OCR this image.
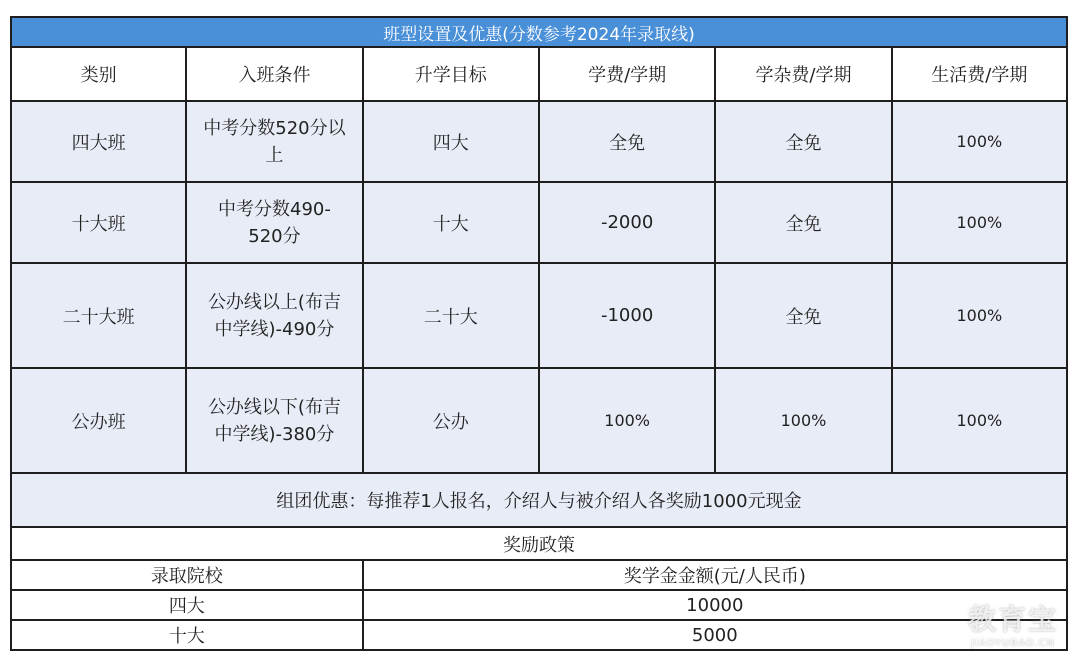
班型设置及优惠(分数参考2024年录取线)					
类别	入班条件	升学目标	学费/学期	学杂费/学期	生活费/学期
四大班	中考分数520分以上	四大	全免	全免	100%
十大班	中考分数490-520分	十大	-2000	全免	100%
二十大班	公办线以上(布吉中学线)-490分	二十大	-1000	全免	100%
公办班	公办线以下(布吉中学线)-380分	公办	100%	100%	100%
组团优惠：每推荐1人报名，介绍人与被介绍人各奖励1000元现金					
奖励政策					
录取院校		奖学金金额(元/人民币)			
四大		10000			
十大		5000				教育宝
JIAOYUBAO.CN
